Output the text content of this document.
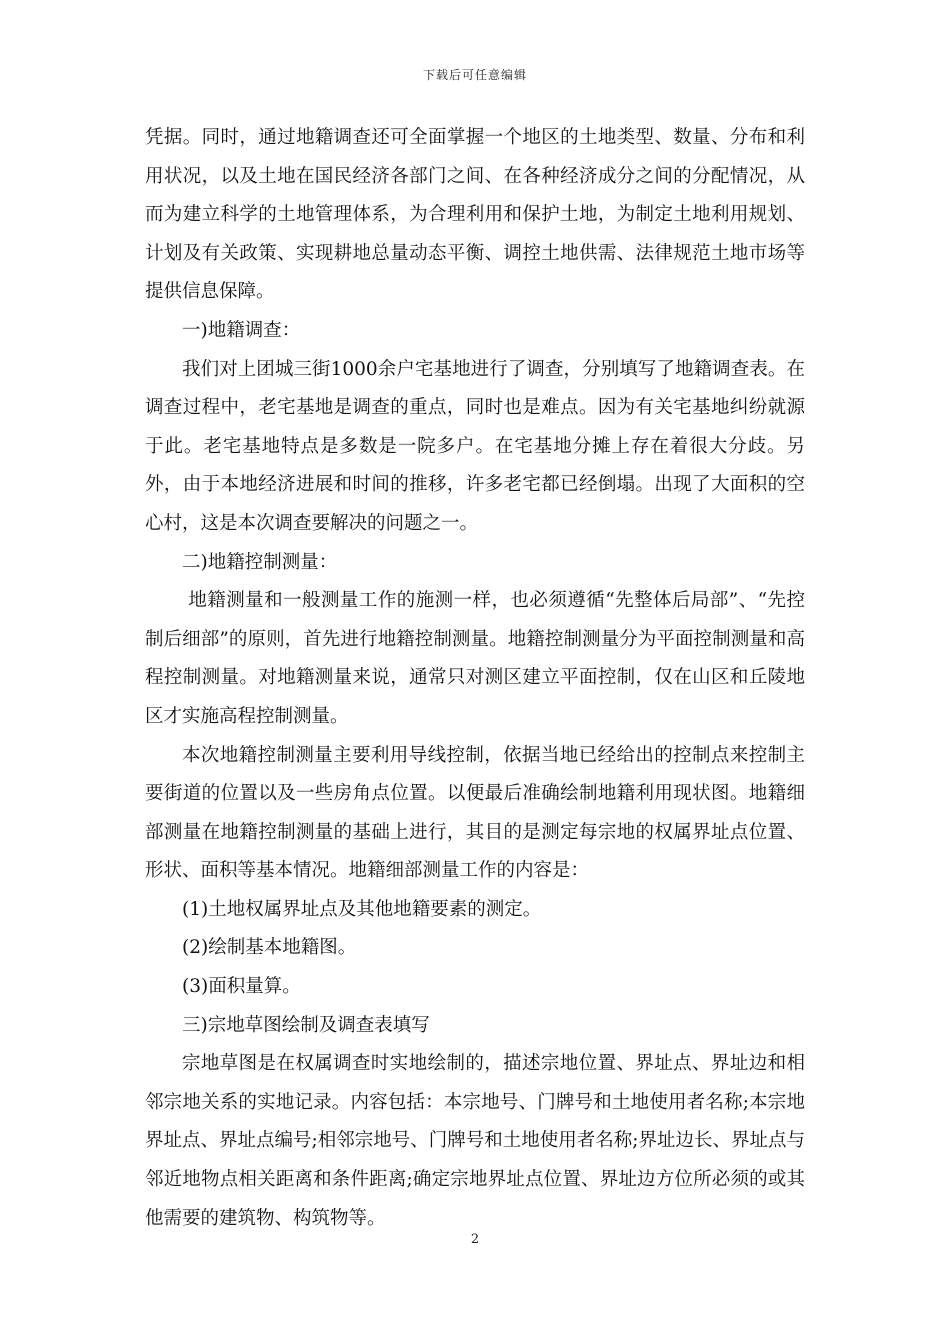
下载后可任意编辑

凭据。同时，通过地籍调查还可全面掌握一个地区的土地类型、数量、分布和利用状况，以及土地在国民经济各部门之间、在各种经济成分之间的分配情况，从而为建立科学的土地管理体系，为合理利用和保护土地，为制定土地利用规划、计划及有关政策、实现耕地总量动态平衡、调控土地供需、法律规范土地市场等提供信息保障。

一)地籍调查：

我们对上团城三街1000余户宅基地进行了调查，分别填写了地籍调查表。在调查过程中，老宅基地是调查的重点，同时也是难点。因为有关宅基地纠纷就源于此。老宅基地特点是多数是一院多户。在宅基地分摊上存在着很大分歧。另外，由于本地经济进展和时间的推移，许多老宅都已经倒塌。出现了大面积的空心村，这是本次调查要解决的问题之一。

二)地籍控制测量：

地籍测量和一般测量工作的施测一样，也必须遵循“先整体后局部”、“先控制后细部”的原则，首先进行地籍控制测量。地籍控制测量分为平面控制测量和高程控制测量。对地籍测量来说，通常只对测区建立平面控制，仅在山区和丘陵地区才实施高程控制测量。

本次地籍控制测量主要利用导线控制，依据当地已经给出的控制点来控制主要街道的位置以及一些房角点位置。以便最后准确绘制地籍利用现状图。地籍细部测量在地籍控制测量的基础上进行，其目的是测定每宗地的权属界址点位置、形状、面积等基本情况。地籍细部测量工作的内容是：

(1)土地权属界址点及其他地籍要素的测定。

(2)绘制基本地籍图。

(3)面积量算。

三)宗地草图绘制及调查表填写

宗地草图是在权属调查时实地绘制的，描述宗地位置、界址点、界址边和相邻宗地关系的实地记录。内容包括：本宗地号、门牌号和土地使用者名称;本宗地界址点、界址点编号;相邻宗地号、门牌号和土地使用者名称;界址边长、界址点与邻近地物点相关距离和条件距离;确定宗地界址点位置、界址边方位所必须的或其他需要的建筑物、构筑物等。

2
